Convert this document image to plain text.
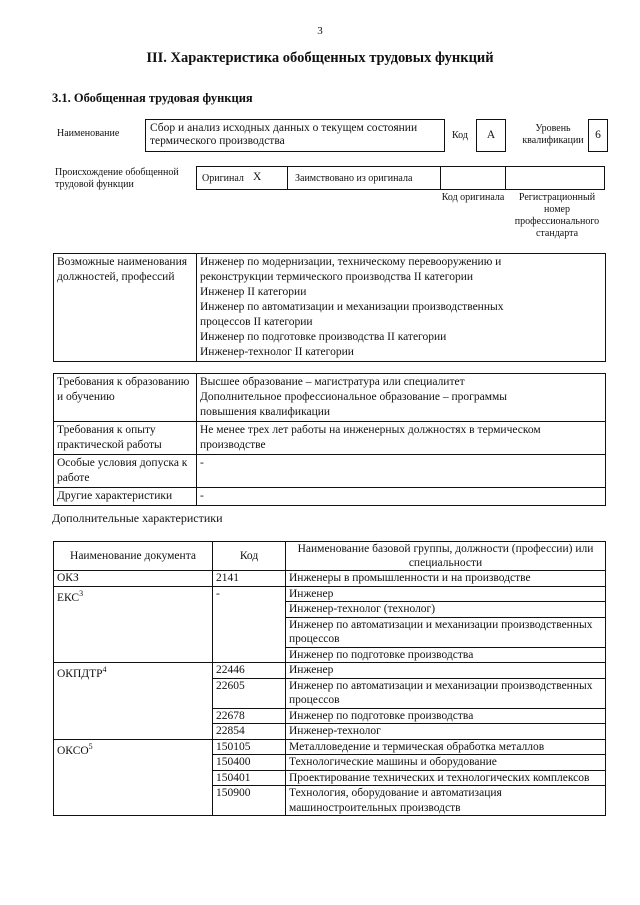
3
III. Характеристика обобщенных трудовых функций
3.1. Обобщенная трудовая функция
Наименование	Сбор и анализ исходных данных о текущем состоянии термического производства	Код	А
Уровень квалификации 6
Происхождение обобщенной трудовой функции
Оригинал X	Заимствовано из оригинала
Код оригинала	Регистрационный номер профессионального стандарта
Возможные наименования должностей, профессий	
Инженер по модернизации, техническому перевооружению и
реконструкции термического производства II категории
Инженер II категории
Инженер по автоматизации и механизации производственных
процессов II категории
Инженер по подготовке производства II категории
Инженер-технолог II категории
Требования к образованию и обучению	Высшее образование – магистратура или специалитет
Дополнительное профессиональное образование – программы
повышения квалификации

Требования к опыту практической работы	Не менее трех лет работы на инженерных должностях в термическом
производстве

Особые условия допуска к работе	-

Другие характеристики	-
Дополнительные характеристики
Наименование документа	Код	Наименование базовой группы, должности (профессии) или специальности
ОКЗ	2141	Инженеры в промышленности и на производстве
ЕКС$^3$	-	Инженер
		Инженер-технолог (технолог)
		Инженер по автоматизации и механизации производственных процессов
		Инженер по подготовке производства
ОКПДТР$^4$	22446	Инженер
	22605	Инженер по автоматизации и механизации производственных процессов
	22678	Инженер по подготовке производства
	22854	Инженер-технолог
ОКСО$^5$	150105	Металловедение и термическая обработка металлов
	150400	Технологические машины и оборудование
	150401	Проектирование технических и технологических комплексов
	150900	Технология, оборудование и автоматизация машиностроительных производств
